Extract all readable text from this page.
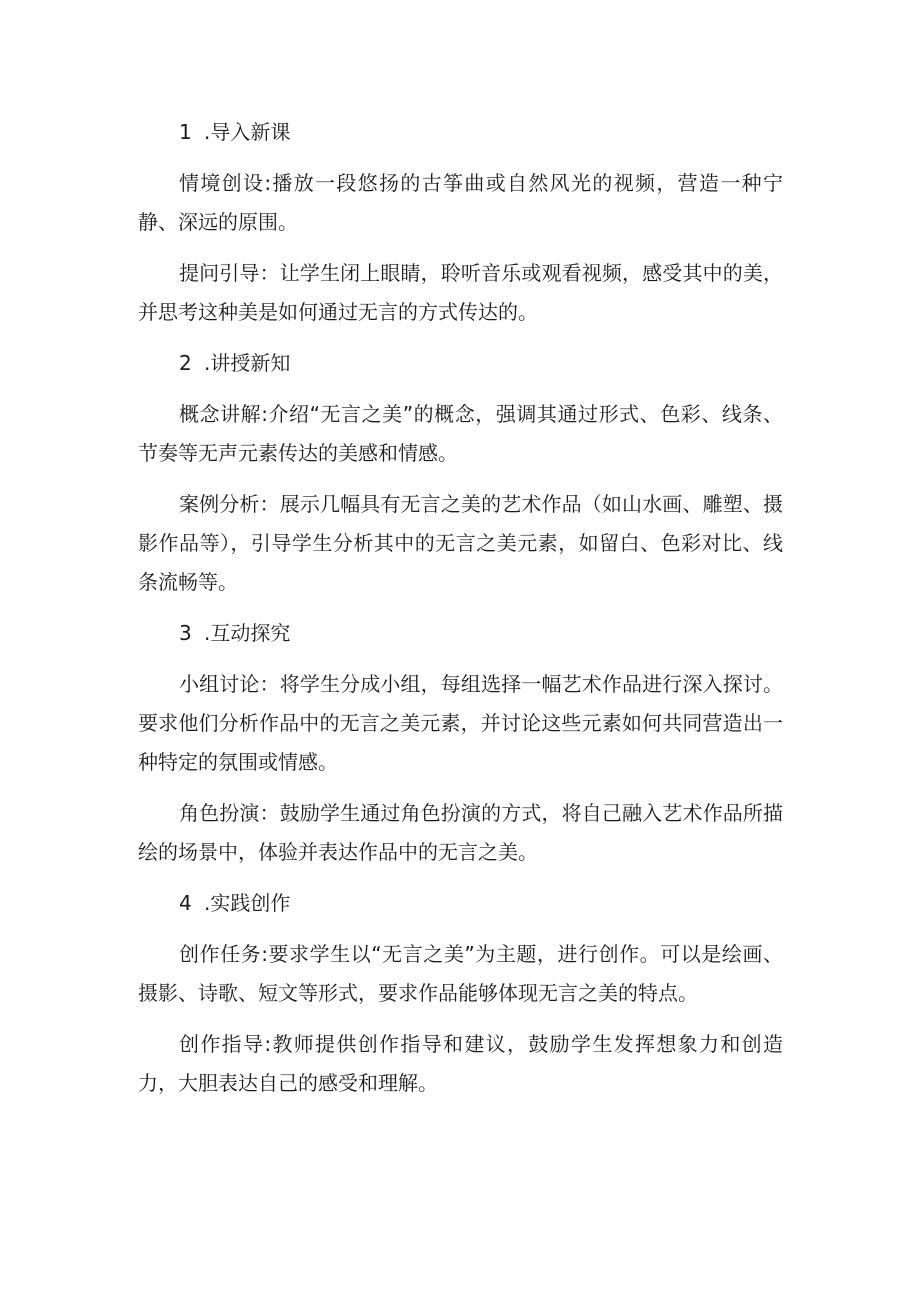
1 .导入新课

情境创设:播放一段悠扬的古筝曲或自然风光的视频，营造一种宁静、深远的原围。

提问引导：让学生闭上眼睛，聆听音乐或观看视频，感受其中的美，并思考这种美是如何通过无言的方式传达的。

2 .讲授新知

概念讲解:介绍“无言之美”的概念，强调其通过形式、色彩、线条、节奏等无声元素传达的美感和情感。

案例分析：展示几幅具有无言之美的艺术作品（如山水画、雕塑、摄影作品等），引导学生分析其中的无言之美元素，如留白、色彩对比、线条流畅等。

3 .互动探究

小组讨论：将学生分成小组，每组选择一幅艺术作品进行深入探讨。要求他们分析作品中的无言之美元素，并讨论这些元素如何共同营造出一种特定的氛围或情感。

角色扮演：鼓励学生通过角色扮演的方式，将自己融入艺术作品所描绘的场景中，体验并表达作品中的无言之美。

4 .实践创作

创作任务:要求学生以“无言之美”为主题，进行创作。可以是绘画、摄影、诗歌、短文等形式，要求作品能够体现无言之美的特点。

创作指导:教师提供创作指导和建议，鼓励学生发挥想象力和创造力，大胆表达自己的感受和理解。
